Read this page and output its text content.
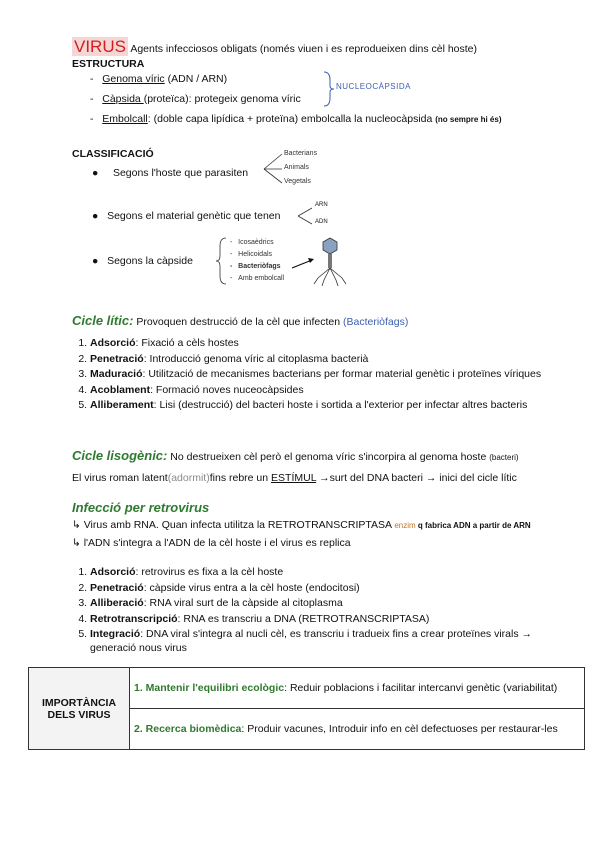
VIRUS Agents infecciosos obligats (només viuen i es reprodueixen dins cèl hoste)
ESTRUCTURA
-   Genoma víric (ADN / ARN)
-   Càpsida (proteïca): protegeix genoma víric
-   Embolcall: (doble capa lipídica + proteïna) embolcalla la nucleocàpsida (no sempre hi és)
NUCLEOCÀPSIDA
CLASSIFICACIÓ
●     Segons l'hoste que parasiten
Bacterians
Animals
Vegetals
●   Segons el material genètic que tenen
ARN
ADN
●   Segons la càpside
-   Icosaèdrics
-   Helicoidals
-   Bacteriòfags
-   Amb embolcall
Cicle lític: Provoquen destrucció de la cèl que infecten (Bacteriòfags)
1. Adsorció: Fixació a cèls hostes
2. Penetració: Introducció genoma víric al citoplasma bacterià
3. Maduració: Utilització de mecanismes bacterians per formar material genètic i proteïnes víriques
4. Acoblament: Formació noves nuceocàpsides
5. Alliberament: Lisi (destrucció) del bacteri hoste i sortida a l'exterior per infectar altres bacteris
Cicle lisogènic: No destrueixen cèl però el genoma víric s'incorpira al genoma hoste (bacteri)
El virus roman latent(adormit)fins rebre un ESTÍMUL →surt del DNA bacteri → inici del cicle lític
Infecció per retrovirus
↳ Virus amb RNA. Quan infecta utilitza la RETROTRANSCRIPTASA enzim q fabrica ADN a partir de ARN
↳ l'ADN s'integra a l'ADN de la cèl hoste i el virus es replica
1. Adsorció: retrovirus es fixa a la cèl hoste
2. Penetració: càpside virus entra a la cèl hoste (endocitosi)
3. Alliberació: RNA viral surt de la càpside al citoplasma
4. Retrotranscripció: RNA es transcriu a DNA (RETROTRANSCRIPTASA)
5. Integració: DNA viral s'integra al nucli cèl, es transcriu i tradueix fins a crear proteïnes virals → generació nous virus
IMPORTÀNCIA DELS VIRUS	1. Mantenir l'equilibri ecològic: Reduir poblacions i facilitar intercanvi genètic (variabilitat)
2. Recerca biomèdica: Produir vacunes, Introduir info en cèl defectuoses per restaurar-les
